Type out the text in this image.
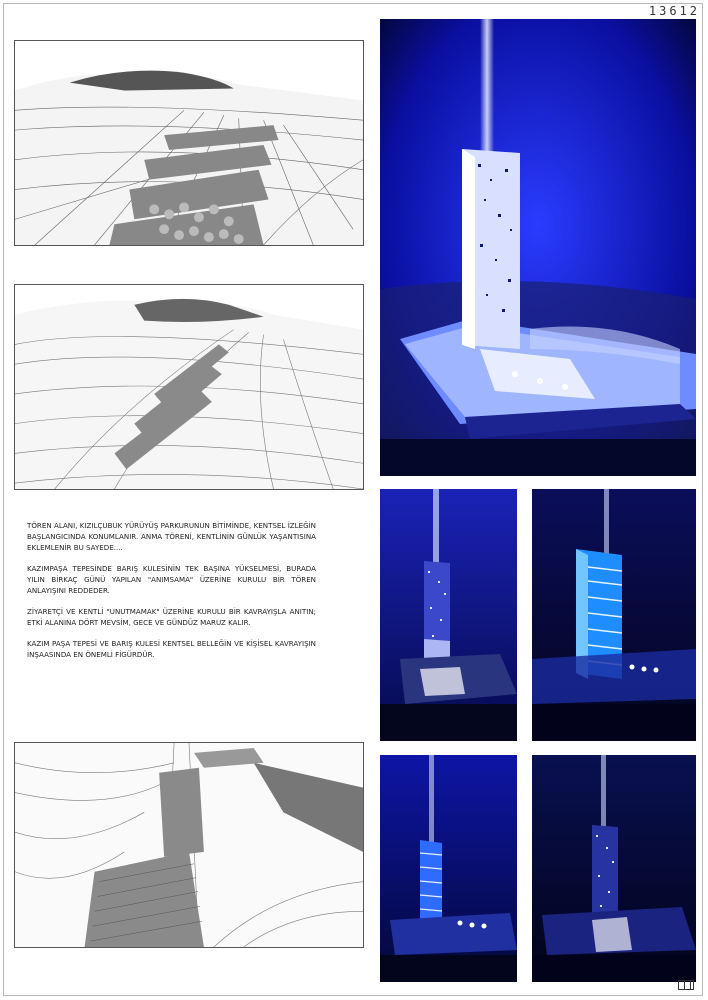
13612

TÖREN ALANI, KIZILÇUBUK YÜRÜYÜŞ PARKURUNUN BİTİMİNDE, KENTSEL İZLEĞİN BAŞLANGICINDA KONUMLANIR. ANMA TÖRENİ, KENTLİNİN GÜNLÜK YAŞANTISINA EKLEMLENİR BU SAYEDE....

KAZIMPAŞA TEPESİNDE BARIŞ KULESİNİN TEK BAŞINA YÜKSELMESİ, BURADA YILIN BİRKAÇ GÜNÜ YAPILAN "ANIMSAMA" ÜZERİNE KURULU BİR TÖREN ANLAYIŞINI REDDEDER.

ZİYARETÇİ VE KENTLİ "UNUTMAMAK" ÜZERİNE KURULU BİR KAVRAYIŞLA ANITIN; ETKİ ALANINA DÖRT MEVSİM, GECE VE GÜNDÜZ MARUZ KALIR.

KAZIM PAŞA TEPESİ VE BARIŞ KULESİ KENTSEL BELLEĞİN VE KİŞİSEL KAVRAYIŞIN İNŞAASINDA EN ÖNEMLİ FİGÜRDÜR.
